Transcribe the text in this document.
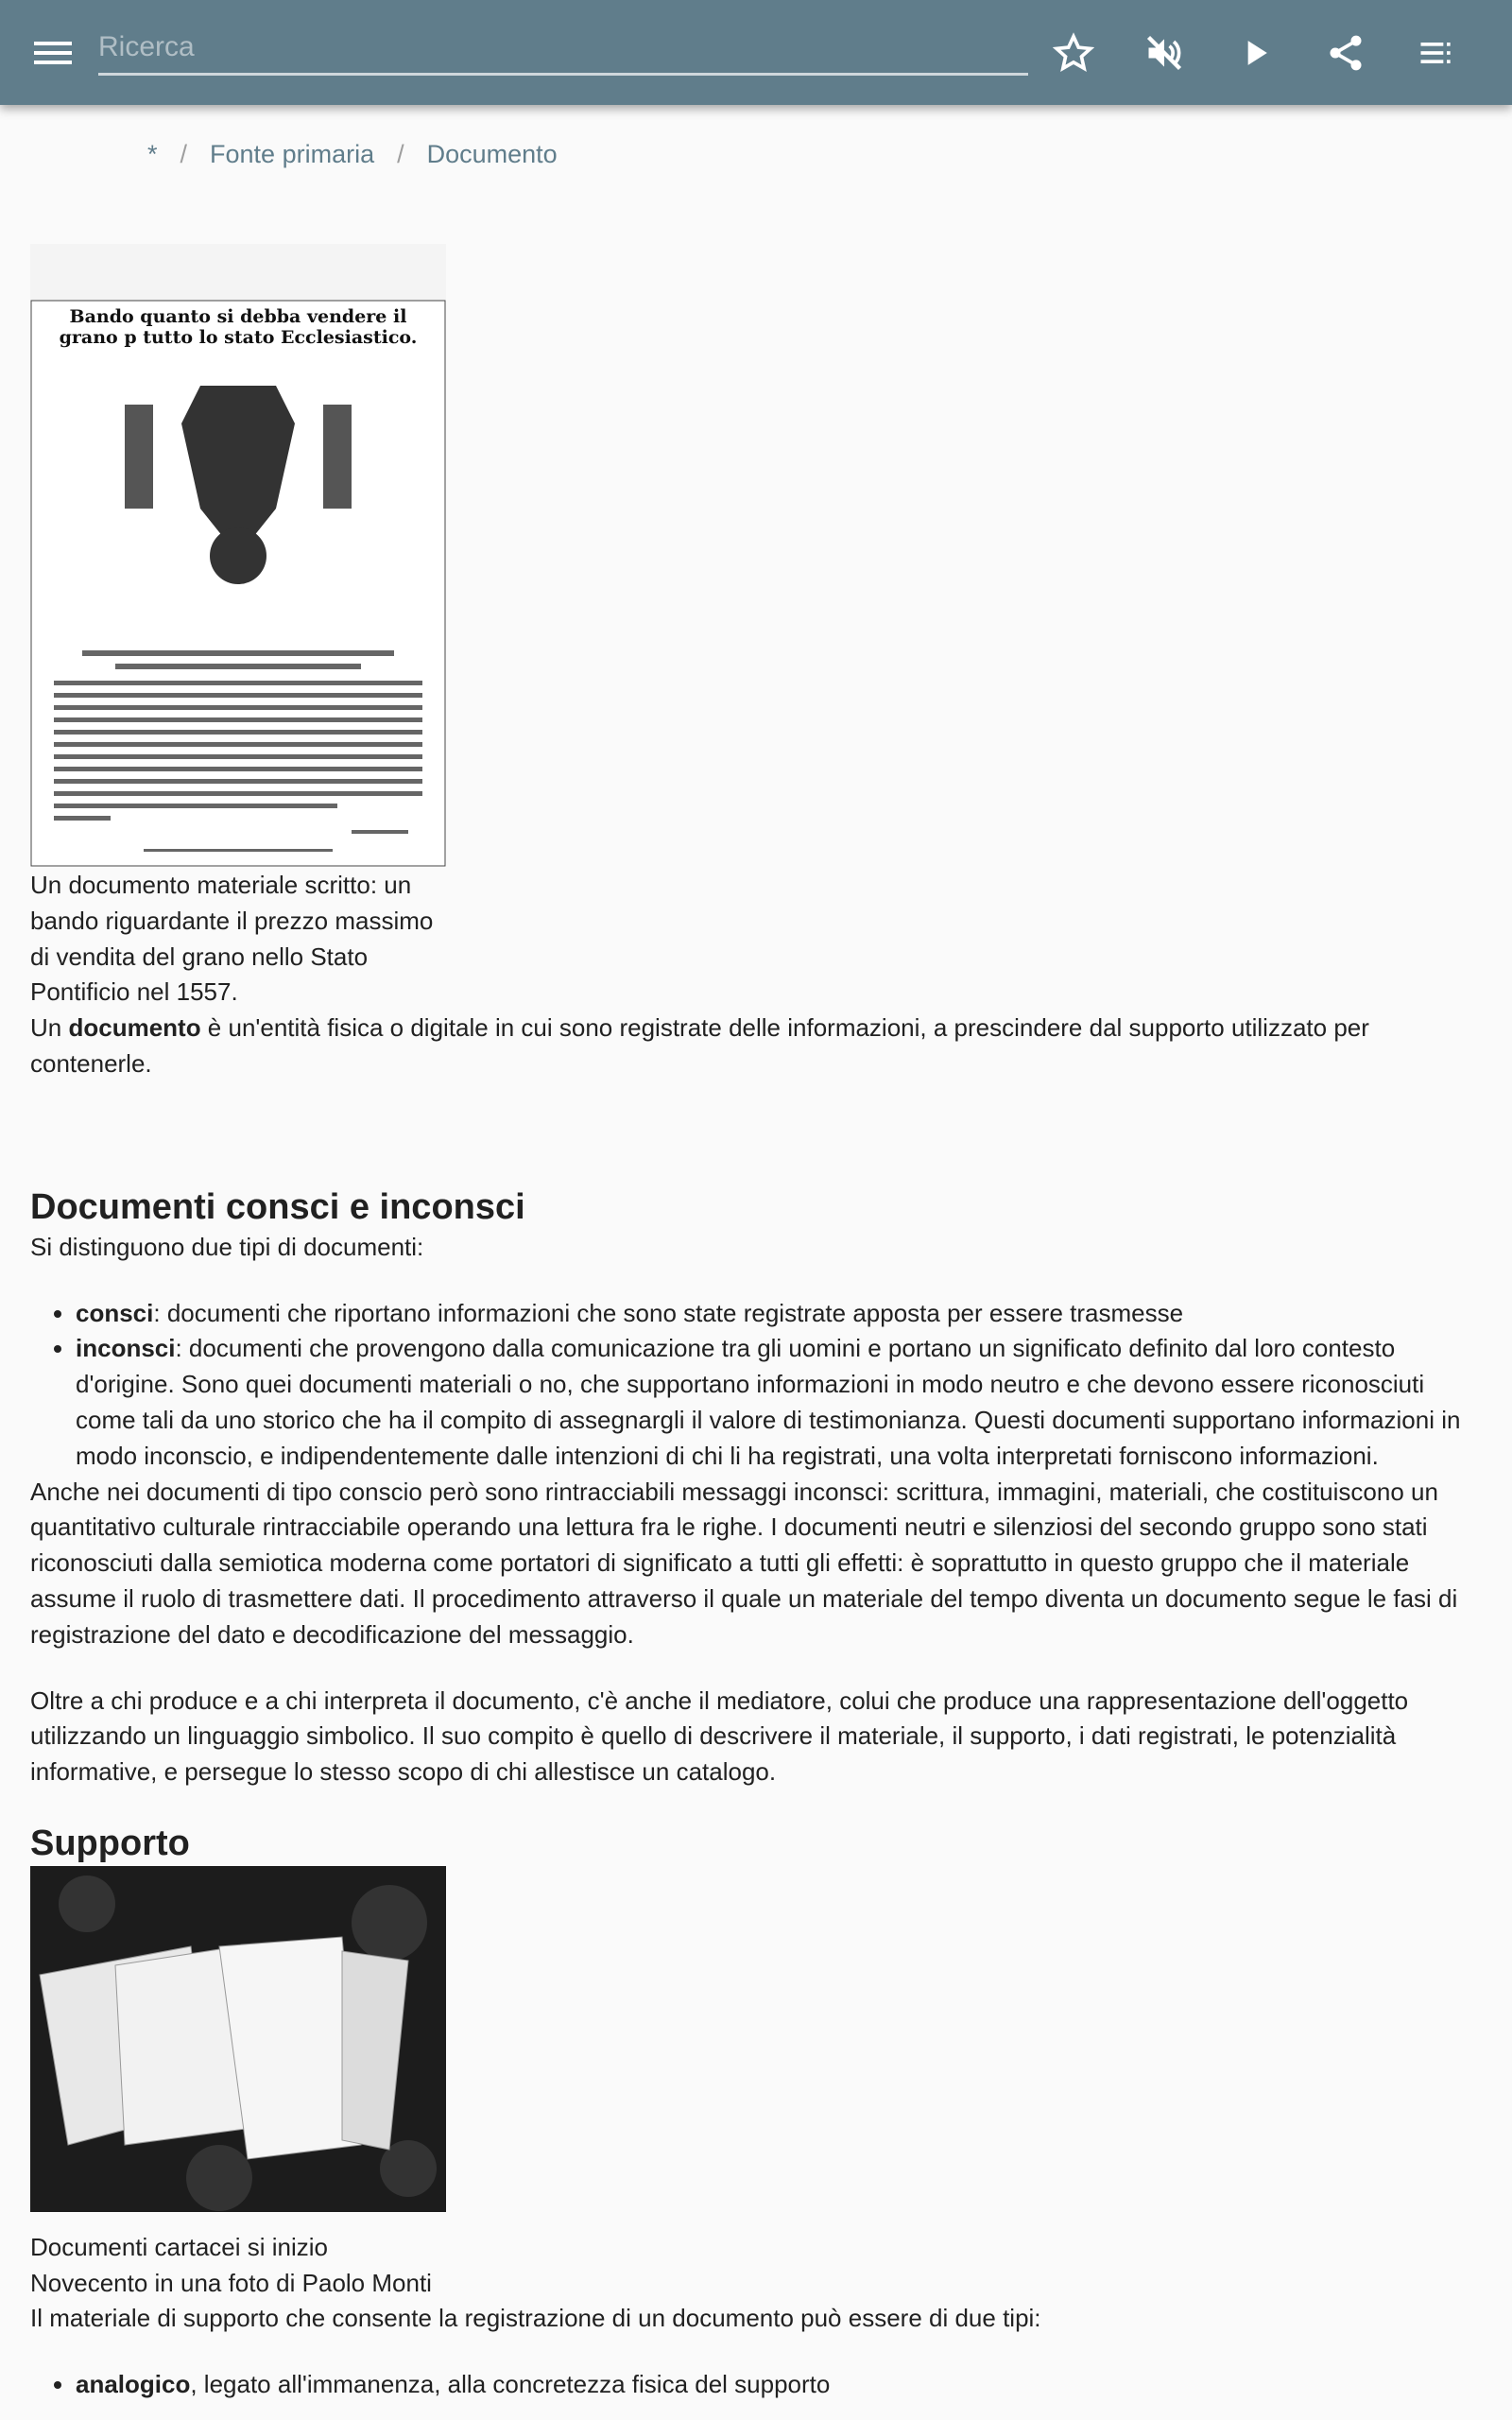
Ricerca
* / Fonte primaria / Documento
Bando quanto si debba vendere il grano p tutto lo stato Ecclesiastico.

Un documento materiale scritto: un bando riguardante il prezzo massimo di vendita del grano nello Stato Pontificio nel 1557.

Un documento è un'entità fisica o digitale in cui sono registrate delle informazioni, a prescindere dal supporto utilizzato per contenerle.

Documenti consci e inconsci

Si distinguono due tipi di documenti:

• consci: documenti che riportano informazioni che sono state registrate apposta per essere trasmesse
• inconsci: documenti che provengono dalla comunicazione tra gli uomini e portano un significato definito dal loro contesto d'origine. Sono quei documenti materiali o no, che supportano informazioni in modo neutro e che devono essere riconosciuti come tali da uno storico che ha il compito di assegnargli il valore di testimonianza. Questi documenti supportano informazioni in modo inconscio, e indipendentemente dalle intenzioni di chi li ha registrati, una volta interpretati forniscono informazioni.

Anche nei documenti di tipo conscio però sono rintracciabili messaggi inconsci: scrittura, immagini, materiali, che costituiscono un quantitativo culturale rintracciabile operando una lettura fra le righe. I documenti neutri e silenziosi del secondo gruppo sono stati riconosciuti dalla semiotica moderna come portatori di significato a tutti gli effetti: è soprattutto in questo gruppo che il materiale assume il ruolo di trasmettere dati. Il procedimento attraverso il quale un materiale del tempo diventa un documento segue le fasi di registrazione del dato e decodificazione del messaggio.

Oltre a chi produce e a chi interpreta il documento, c'è anche il mediatore, colui che produce una rappresentazione dell'oggetto utilizzando un linguaggio simbolico. Il suo compito è quello di descrivere il materiale, il supporto, i dati registrati, le potenzialità informative, e persegue lo stesso scopo di chi allestisce un catalogo.

Supporto

Documenti cartacei si inizio

Novecento in una foto di Paolo Monti

Il materiale di supporto che consente la registrazione di un documento può essere di due tipi:

• analogico, legato all'immanenza, alla concretezza fisica del supporto
